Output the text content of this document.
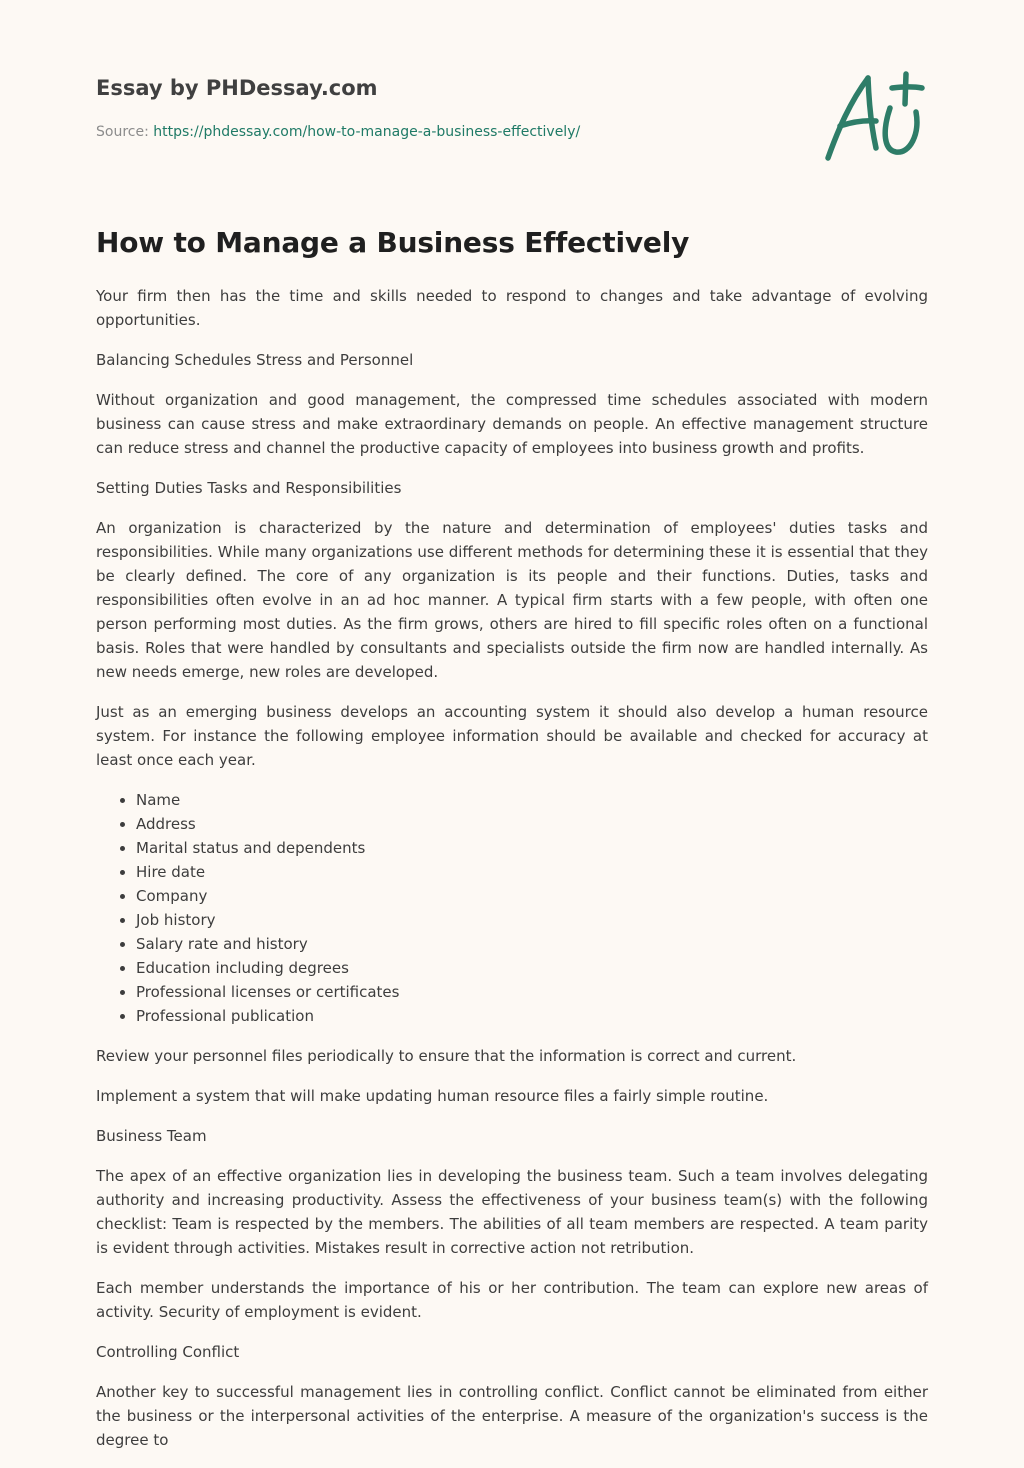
Essay by PHDessay.com
Source: https://phdessay.com/how-to-manage-a-business-effectively/
How to Manage a Business Effectively

Your firm then has the time and skills needed to respond to changes and take advantage of evolving opportunities.

Balancing Schedules Stress and Personnel

Without organization and good management, the compressed time schedules associated with modern business can cause stress and make extraordinary demands on people. An effective management structure can reduce stress and channel the productive capacity of employees into business growth and profits.

Setting Duties Tasks and Responsibilities

An organization is characterized by the nature and determination of employees' duties tasks and responsibilities. While many organizations use different methods for determining these it is essential that they be clearly defined. The core of any organization is its people and their functions. Duties, tasks and responsibilities often evolve in an ad hoc manner. A typical firm starts with a few people, with often one person performing most duties. As the firm grows, others are hired to fill specific roles often on a functional basis. Roles that were handled by consultants and specialists outside the firm now are handled internally. As new needs emerge, new roles are developed.

Just as an emerging business develops an accounting system it should also develop a human resource system. For instance the following employee information should be available and checked for accuracy at least once each year.

• Name
• Address
• Marital status and dependents
• Hire date
• Company
• Job history
• Salary rate and history
• Education including degrees
• Professional licenses or certificates
• Professional publication

Review your personnel files periodically to ensure that the information is correct and current.

Implement a system that will make updating human resource files a fairly simple routine.

Business Team

The apex of an effective organization lies in developing the business team. Such a team involves delegating authority and increasing productivity. Assess the effectiveness of your business team(s) with the following checklist: Team is respected by the members. The abilities of all team members are respected. A team parity is evident through activities. Mistakes result in corrective action not retribution.

Each member understands the importance of his or her contribution. The team can explore new areas of activity. Security of employment is evident.

Controlling Conflict

Another key to successful management lies in controlling conflict. Conflict cannot be eliminated from either the business or the interpersonal activities of the enterprise. A measure of the organization's success is the degree to
